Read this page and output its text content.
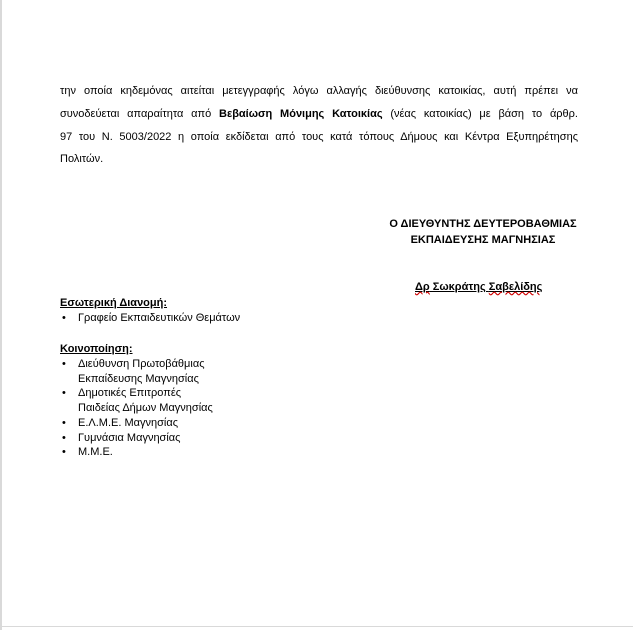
την οποία κηδεμόνας αιτείται μετεγγραφής λόγω αλλαγής διεύθυνσης κατοικίας, αυτή πρέπει να
συνοδεύεται απαραίτητα από Βεβαίωση Μόνιμης Κατοικίας (νέας κατοικίας) με βάση το άρθρ.
97 του Ν. 5003/2022 η οποία εκδίδεται από τους κατά τόπους Δήμους και Κέντρα Εξυπηρέτησης
Πολιτών.
Ο ΔΙΕΥΘΥΝΤΗΣ ΔΕΥΤΕΡΟΒΑΘΜΙΑΣ
ΕΚΠΑΙΔΕΥΣΗΣ ΜΑΓΝΗΣΙΑΣ
Δρ Σωκράτης Σαβελίδης
Εσωτερική Διανομή:
• Γραφείο Εκπαιδευτικών Θεμάτων
Κοινοποίηση:
• Διεύθυνση Πρωτοβάθμιας
Εκπαίδευσης Μαγνησίας
• Δημοτικές Επιτροπές
Παιδείας Δήμων Μαγνησίας
• Ε.Λ.Μ.Ε. Μαγνησίας
• Γυμνάσια Μαγνησίας
• Μ.Μ.Ε.
